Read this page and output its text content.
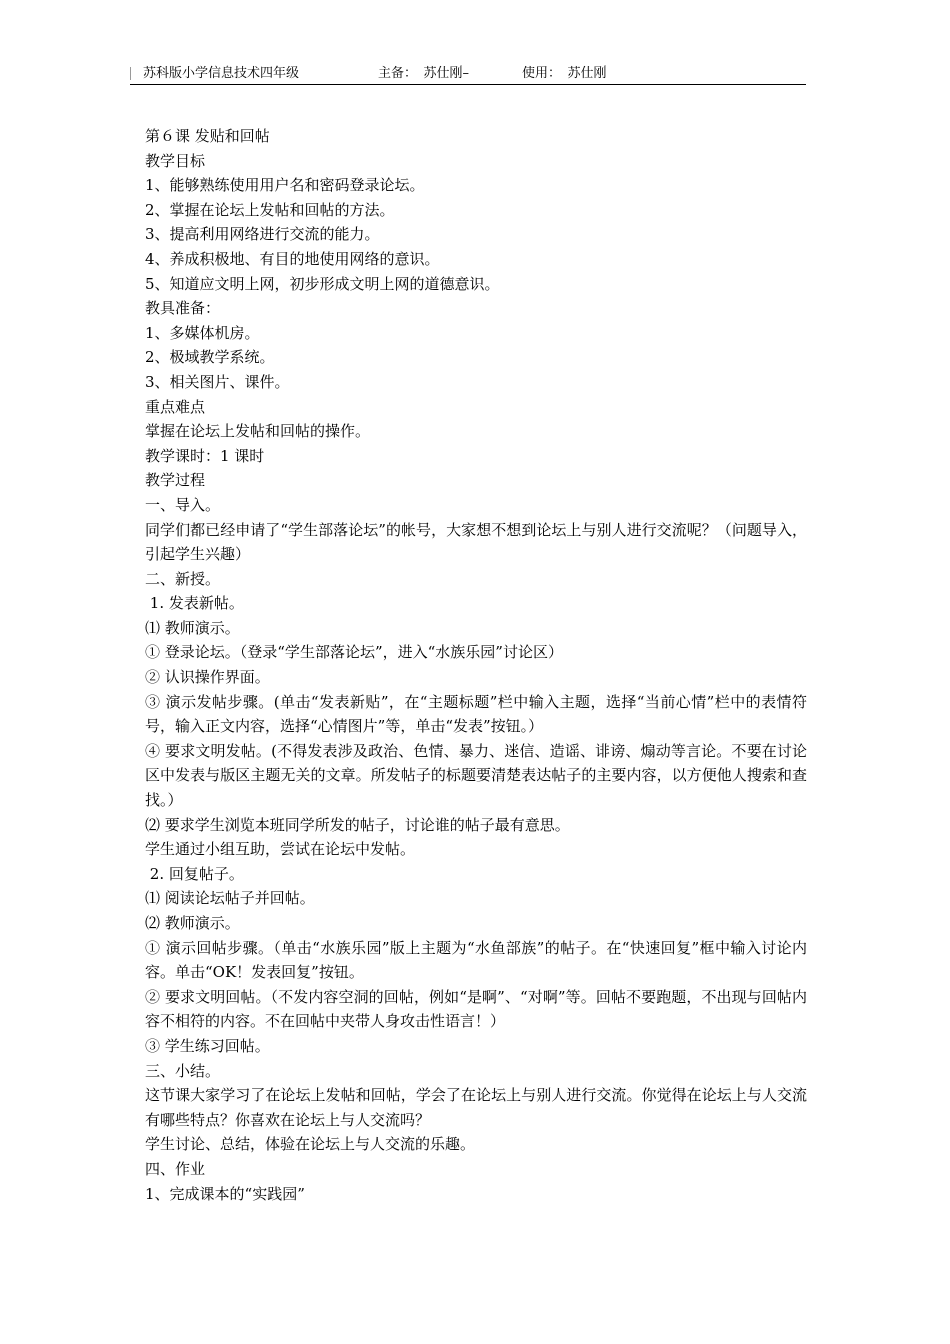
苏科版小学信息技术四年级	主备：　苏仕刚–	使用：　苏仕刚

第６课 发贴和回帖

教学目标

1、能够熟练使用用户名和密码登录论坛。

2、掌握在论坛上发帖和回帖的方法。

3、提高利用网络进行交流的能力。

4、养成积极地、有目的地使用网络的意识。

5、知道应文明上网，初步形成文明上网的道德意识。

教具准备：

1、多媒体机房。

2、极域教学系统。

3、相关图片、课件。

重点难点

掌握在论坛上发帖和回帖的操作。

教学课时：1 课时

教学过程

一、导入。

同学们都已经申请了“学生部落论坛”的帐号，大家想不想到论坛上与别人进行交流呢？（问题导入，引起学生兴趣）

二、新授。

1. 发表新帖。

⑴ 教师演示。

① 登录论坛。（登录“学生部落论坛”，进入“水族乐园”讨论区）

② 认识操作界面。

③ 演示发帖步骤。(单击“发表新贴”，在“主题标题”栏中输入主题，选择“当前心情”栏中的表情符号，输入正文内容，选择“心情图片”等，单击“发表”按钮。）

④ 要求文明发帖。(不得发表涉及政治、色情、暴力、迷信、造谣、诽谤、煽动等言论。不要在讨论区中发表与版区主题无关的文章。所发帖子的标题要清楚表达帖子的主要内容，以方便他人搜索和查找。）

⑵ 要求学生浏览本班同学所发的帖子，讨论谁的帖子最有意思。

学生通过小组互助，尝试在论坛中发帖。

2. 回复帖子。

⑴ 阅读论坛帖子并回帖。

⑵ 教师演示。

① 演示回帖步骤。（单击“水族乐园”版上主题为“水鱼部族”的帖子。在“快速回复”框中输入讨论内容。单击“OK！发表回复”按钮。

② 要求文明回帖。（不发内容空洞的回帖，例如“是啊”、“对啊”等。回帖不要跑题，不出现与回帖内容不相符的内容。不在回帖中夹带人身攻击性语言！）

③ 学生练习回帖。

三、小结。

这节课大家学习了在论坛上发帖和回帖，学会了在论坛上与别人进行交流。你觉得在论坛上与人交流有哪些特点？你喜欢在论坛上与人交流吗？

学生讨论、总结，体验在论坛上与人交流的乐趣。

四、作业

1、完成课本的“实践园”
